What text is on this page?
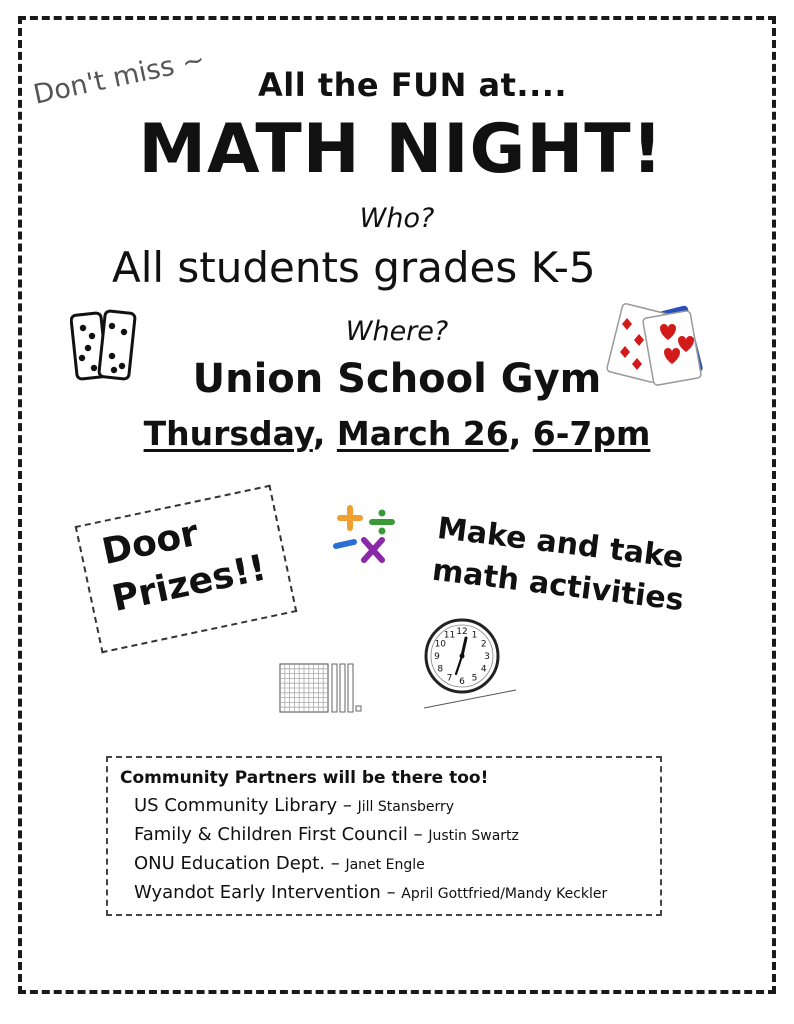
Don't miss ~ All the FUN at....
MATH NIGHT!
Who?
All students grades K-5
Where?
Union School Gym
Thursday, March 26, 6-7pm
Door Prizes!!
Make and take math activities
12 1
2
3
4
5
6
7
8
9
10
11
Community Partners will be there too!
US Community Library – Jill Stansberry
Family & Children First Council – Justin Swartz
ONU Education Dept. – Janet Engle
Wyandot Early Intervention – April Gottfried/Mandy Keckler
